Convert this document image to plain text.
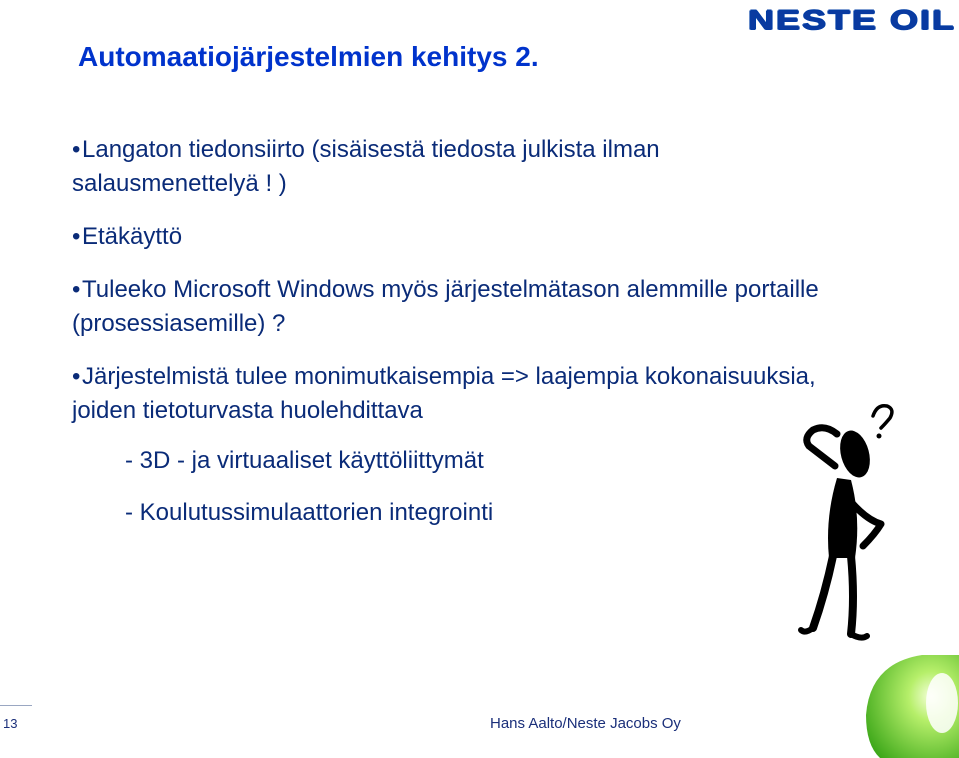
NESTE OIL
Automaatiojärjestelmien kehitys 2.
•Langaton tiedonsiirto (sisäisestä tiedosta julkista ilman salausmenettelyä ! )
•Etäkäyttö
•Tuleeko Microsoft Windows myös järjestelmätason alemmille portaille (prosessiasemille) ?
•Järjestelmistä tulee monimutkaisempia => laajempia kokonaisuuksia, joiden tietoturvasta huolehdittava
- 3D - ja virtuaaliset käyttöliittymät
- Koulutussimulaattorien integrointi
13	Hans Aalto/Neste Jacobs Oy
